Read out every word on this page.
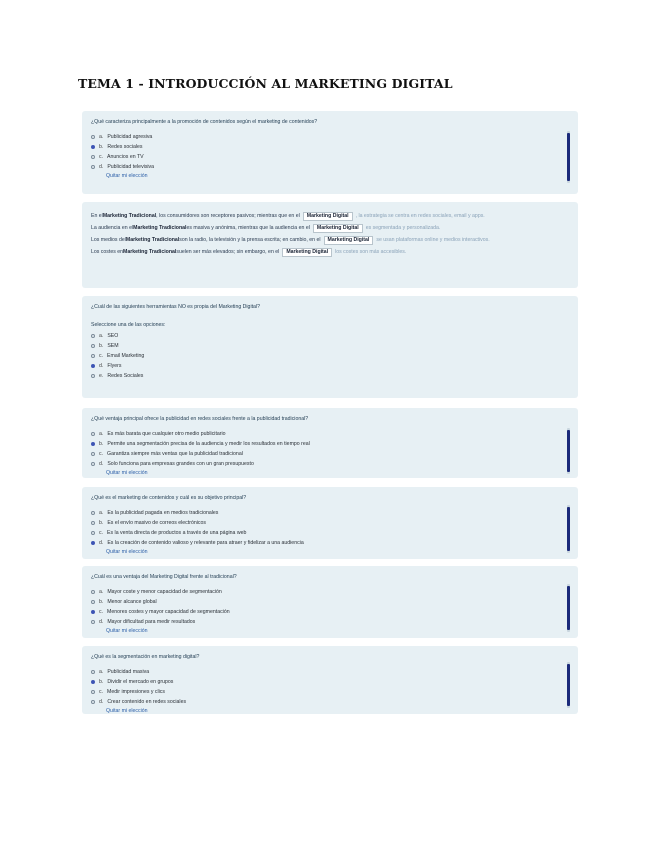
TEMA 1 - INTRODUCCIÓN AL MARKETING DIGITAL
¿Qué caracteriza principalmente a la promoción de contenidos según el marketing de contenidos?
a. Publicidad agresiva
b. Redes sociales
c. Anuncios en TV
d. Publicidad televisiva
Quitar mi elección
En el Marketing Tradicional , los consumidores son receptores pasivos; mientras que en el	Marketing Digital	, la estrategia se centra en redes sociales, email y apps.
La audiencia en el Marketing Tradicional es masiva y anónima, mientras que la audiencia en el	Marketing Digital	es segmentada y personalizada.
Los medios del Marketing Tradicional son la radio, la televisión y la prensa escrita; en cambio, en el	Marketing Digital	se usan plataformas online y medios interactivos.
Los costes en Marketing Tradicional suelen ser más elevados; sin embargo, en el	Marketing Digital	los costes son más accesibles.
¿Cuál de las siguientes herramientas NO es propia del Marketing Digital?
Seleccione una de las opciones:
a. SEO
b. SEM
c. Email Marketing
d. Flyers
e. Redes Sociales
¿Qué ventaja principal ofrece la publicidad en redes sociales frente a la publicidad tradicional?
a. Es más barata que cualquier otro medio publicitario
b. Permite una segmentación precisa de la audiencia y medir los resultados en tiempo real
c. Garantiza siempre más ventas que la publicidad tradicional
d. Solo funciona para empresas grandes con un gran presupuesto
Quitar mi elección
¿Qué es el marketing de contenidos y cuál es su objetivo principal?
a. Es la publicidad pagada en medios tradicionales
b. Es el envío masivo de correos electrónicos
c. Es la venta directa de productos a través de una página web
d. Es la creación de contenido valioso y relevante para atraer y fidelizar a una audiencia
Quitar mi elección
¿Cuál es una ventaja del Marketing Digital frente al tradicional?
a. Mayor coste y menor capacidad de segmentación
b. Menor alcance global
c. Menores costes y mayor capacidad de segmentación
d. Mayor dificultad para medir resultados
Quitar mi elección
¿Qué es la segmentación en marketing digital?
a. Publicidad masiva
b. Dividir el mercado en grupos
c. Medir impresiones y clics
d. Crear contenido en redes sociales
Quitar mi elección
